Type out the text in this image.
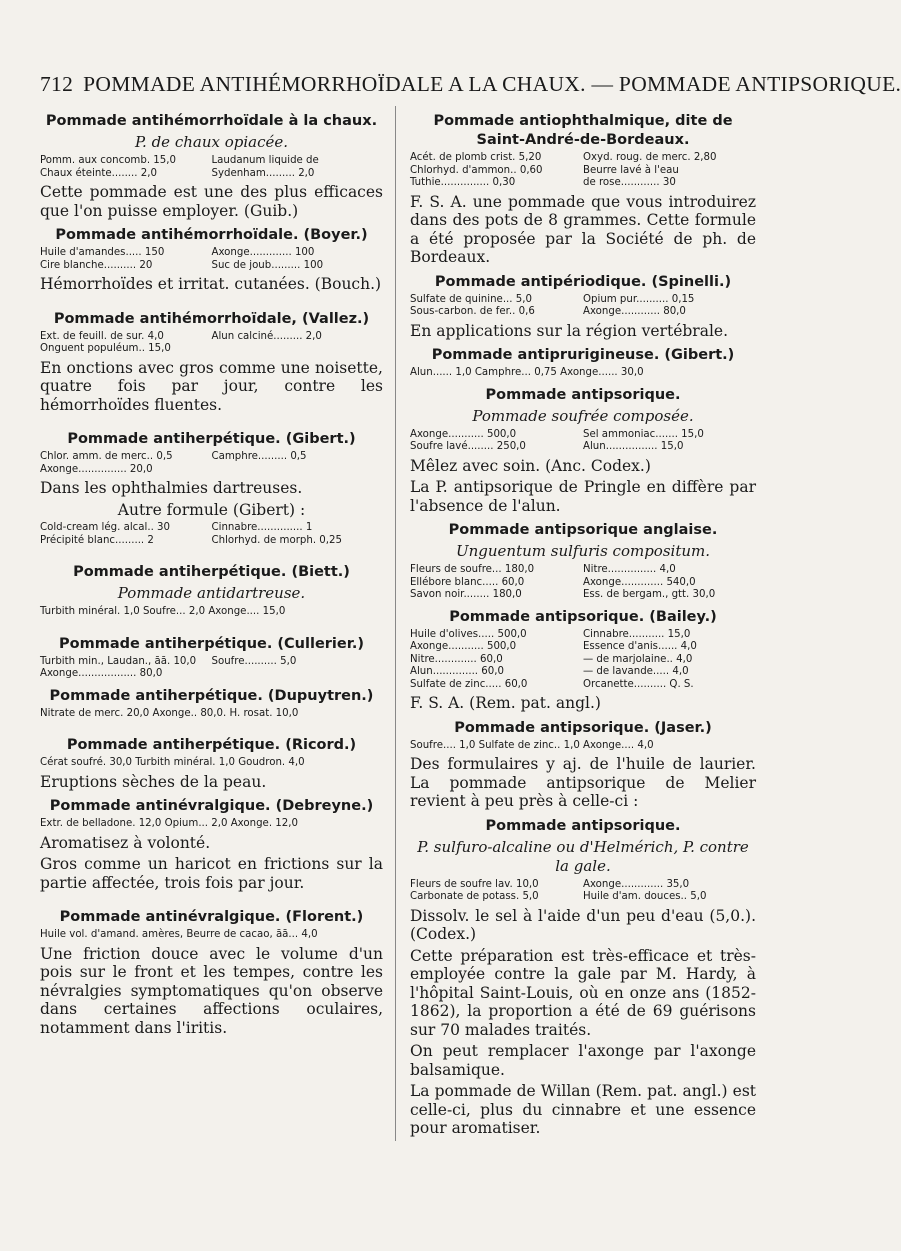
712 POMMADE ANTIHÉMORRHOÏDALE A LA CHAUX. — POMMADE ANTIPSORIQUE.
Pommade antihémorrhoïdale à la chaux.
P. de chaux opiacée.
Pomm. aux concomb. 15,0	Laudanum liquide de
Chaux éteinte........ 2,0	Sydenham......... 2,0
Cette pommade est une des plus efficaces que l'on puisse employer. (Guib.)
Pommade antihémorrhoïdale. (Boyer.)
Huile d'amandes..... 150	Axonge............. 100
Cire blanche.......... 20	Suc de joub......... 100
Hémorrhoïdes et irritat. cutanées. (Bouch.)
Pommade antihémorrhoïdale, (Vallez.)
Ext. de feuill. de sur. 4,0	Alun calciné......... 2,0
Onguent populéum.. 15,0
En onctions avec gros comme une noisette, quatre fois par jour, contre les hémorrhoïdes fluentes.
Pommade antiherpétique. (Gibert.)
Chlor. amm. de merc.. 0,5	Camphre......... 0,5
Axonge............... 20,0
Dans les ophthalmies dartreuses.
Autre formule (Gibert) :
Cold-cream lég. alcal.. 30	Cinnabre.............. 1
Précipité blanc......... 2	Chlorhyd. de morph. 0,25
Pommade antiherpétique. (Biett.)
Pommade antidartreuse.
Turbith minéral. 1,0 Soufre... 2,0 Axonge.... 15,0
Pommade antiherpétique. (Cullerier.)
Turbith min., Laudan., āā. 10,0	Soufre.......... 5,0
Axonge.................. 80,0
Pommade antiherpétique. (Dupuytren.)
Nitrate de merc. 20,0 Axonge.. 80,0. H. rosat. 10,0
Pommade antiherpétique. (Ricord.)
Cérat soufré. 30,0 Turbith minéral. 1,0 Goudron. 4,0
Eruptions sèches de la peau.
Pommade antinévralgique. (Debreyne.)
Extr. de belladone. 12,0 Opium... 2,0 Axonge. 12,0
Aromatisez à volonté.
Gros comme un haricot en frictions sur la partie affectée, trois fois par jour.
Pommade antinévralgique. (Florent.)
Huile vol. d'amand. amères, Beurre de cacao, āā... 4,0
Une friction douce avec le volume d'un pois sur le front et les tempes, contre les névralgies symptomatiques qu'on observe dans certaines affections oculaires, notamment dans l'iritis.
Pommade antiophthalmique, dite de Saint-André-de-Bordeaux.
Acét. de plomb crist. 5,20	Oxyd. roug. de merc. 2,80
Chlorhyd. d'ammon.. 0,60	Beurre lavé à l'eau
Tuthie............... 0,30	de rose............ 30
F. S. A. une pommade que vous introduirez dans des pots de 8 grammes. Cette formule a été proposée par la Société de ph. de Bordeaux.
Pommade antipériodique. (Spinelli.)
Sulfate de quinine... 5,0	Opium pur.......... 0,15
Sous-carbon. de fer.. 0,6	Axonge............ 80,0
En applications sur la région vertébrale.
Pommade antiprurigineuse. (Gibert.)
Alun...... 1,0 Camphre... 0,75 Axonge...... 30,0
Pommade antipsorique.
Pommade soufrée composée.
Axonge........... 500,0	Sel ammoniac....... 15,0
Soufre lavé........ 250,0	Alun................ 15,0
Mêlez avec soin. (Anc. Codex.)
La P. antipsorique de Pringle en diffère par l'absence de l'alun.
Pommade antipsorique anglaise.
Unguentum sulfuris compositum.
Fleurs de soufre... 180,0	Nitre............... 4,0
Ellébore blanc..... 60,0	Axonge............. 540,0
Savon noir........ 180,0	Ess. de bergam., gtt. 30,0
Pommade antipsorique. (Bailey.)
Huile d'olives..... 500,0	Cinnabre........... 15,0
Axonge........... 500,0	Essence d'anis...... 4,0
Nitre............. 60,0	— de marjolaine.. 4,0
Alun.............. 60,0	— de lavande..... 4,0
Sulfate de zinc..... 60,0	Orcanette.......... Q. S.
F. S. A. (Rem. pat. angl.)
Pommade antipsorique. (Jaser.)
Soufre.... 1,0 Sulfate de zinc.. 1,0 Axonge.... 4,0
Des formulaires y aj. de l'huile de laurier. La pommade antipsorique de Melier revient à peu près à celle-ci :
Pommade antipsorique.
P. sulfuro-alcaline ou d'Helmérich, P. contre la gale.
Fleurs de soufre lav. 10,0	Axonge............. 35,0
Carbonate de potass. 5,0	Huile d'am. douces.. 5,0
Dissolv. le sel à l'aide d'un peu d'eau (5,0.). (Codex.)
Cette préparation est très-efficace et très-employée contre la gale par M. Hardy, à l'hôpital Saint-Louis, où en onze ans (1852-1862), la proportion a été de 69 guérisons sur 70 malades traités.
On peut remplacer l'axonge par l'axonge balsamique.
La pommade de Willan (Rem. pat. angl.) est celle-ci, plus du cinnabre et une essence pour aromatiser.
